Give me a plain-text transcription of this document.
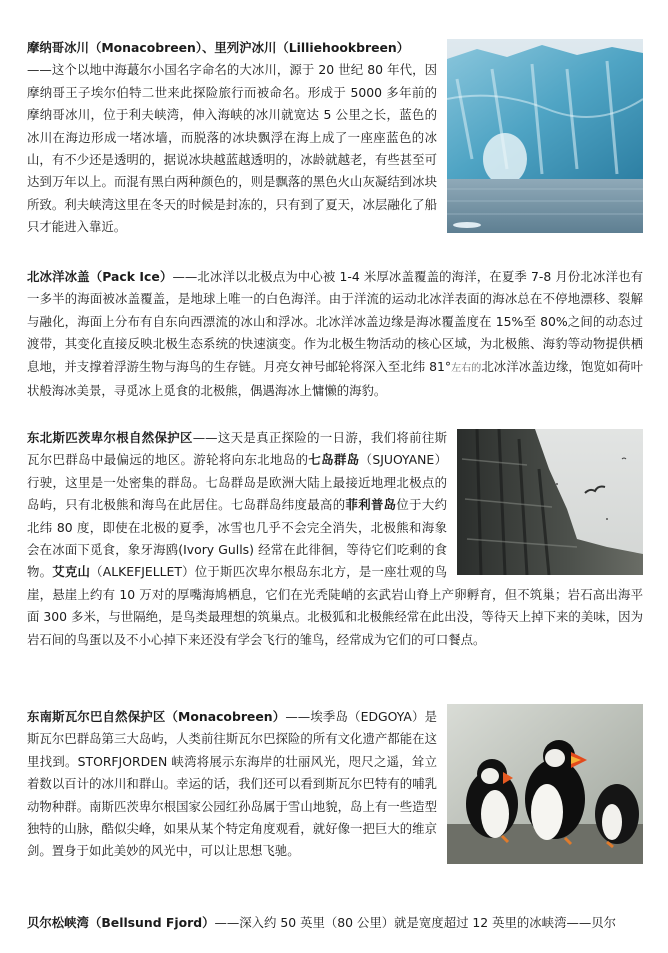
摩纳哥冰川（Monacobreen）、里列沪冰川（Lilliehookbreen）
——这个以地中海蕞尔小国名字命名的大冰川，源于 20 世纪 80 年代，因摩纳哥王子埃尔伯特二世来此探险旅行而被命名。形成于 5000 多年前的摩纳哥冰川，位于利夫峡湾，伸入海峡的冰川就宽达 5 公里之长，蓝色的冰川在海边形成一堵冰墙，而脱落的冰块飘浮在海上成了一座座蓝色的冰山，有不少还是透明的，据说冰块越蓝越透明的，冰龄就越老，有些甚至可达到万年以上。而混有黑白两种颜色的，则是飘落的黑色火山灰凝结到冰块所致。利夫峡湾这里在冬天的时候是封冻的，只有到了夏天，冰层融化了船只才能进入靠近。
北冰洋冰盖（Pack Ice）——北冰洋以北极点为中心被 1-4 米厚冰盖覆盖的海洋，在夏季 7-8 月份北冰洋也有一多半的海面被冰盖覆盖，是地球上唯一的白色海洋。由于洋流的运动北冰洋表面的海冰总在不停地漂移、裂解与融化，海面上分布有自东向西漂流的冰山和浮冰。北冰洋冰盖边缘是海冰覆盖度在 15%至 80%之间的动态过渡带，其变化直接反映北极生态系统的快速演变。作为北极生物活动的核心区域，为北极熊、海豹等动物提供栖息地，并支撑着浮游生物与海鸟的生存链。月亮女神号邮轮将深入至北纬 81°左右的北冰洋冰盖边缘，饱览如荷叶状般海冰美景，寻觅冰上觅食的北极熊，偶遇海冰上慵懒的海豹。
东北斯匹茨卑尔根自然保护区——这天是真正探险的一日游，我们将前往斯瓦尔巴群岛中最偏远的地区。游轮将向东北地岛的七岛群岛（SJUOYANE）行驶，这里是一处密集的群岛。七岛群岛是欧洲大陆上最接近地理北极点的岛屿，只有北极熊和海鸟在此居住。七岛群岛纬度最高的菲利普岛位于大约北纬 80 度，即使在北极的夏季，冰雪也几乎不会完全消失，北极熊和海象会在冰面下觅食，象牙海鸥(Ivory Gulls) 经常在此徘徊，等待它们吃剩的食物。艾克山（ALKEFJELLET）位于斯匹次卑尔根岛东北方，是一座壮观的鸟崖，悬崖上约有 10 万对的厚嘴海鸠栖息，它们在光秃陡峭的玄武岩山脊上产卵孵育，但不筑巢；岩石高出海平面 300 多米，与世隔绝，是鸟类最理想的筑巢点。北极狐和北极熊经常在此出没，等待天上掉下来的美味，因为岩石间的鸟蛋以及不小心掉下来还没有学会飞行的雏鸟，经常成为它们的可口餐点。
东南斯瓦尔巴自然保护区（Monacobreen）——埃季岛（EDGOYA）是斯瓦尔巴群岛第三大岛屿，人类前往斯瓦尔巴探险的所有文化遗产都能在这里找到。STORFJORDEN 峡湾将展示东海岸的壮丽风光，咫尺之遥，耸立着数以百计的冰川和群山。幸运的话，我们还可以看到斯瓦尔巴特有的哺乳动物种群。南斯匹茨卑尔根国家公园红孙岛属于雪山地貌，岛上有一些造型独特的山脉，酷似尖峰，如果从某个特定角度观看，就好像一把巨大的维京剑。置身于如此美妙的风光中，可以让思想飞驰。
贝尔松峡湾（Bellsund Fjord）——深入约 50 英里（80 公里）就是宽度超过 12 英里的冰峡湾——贝尔
